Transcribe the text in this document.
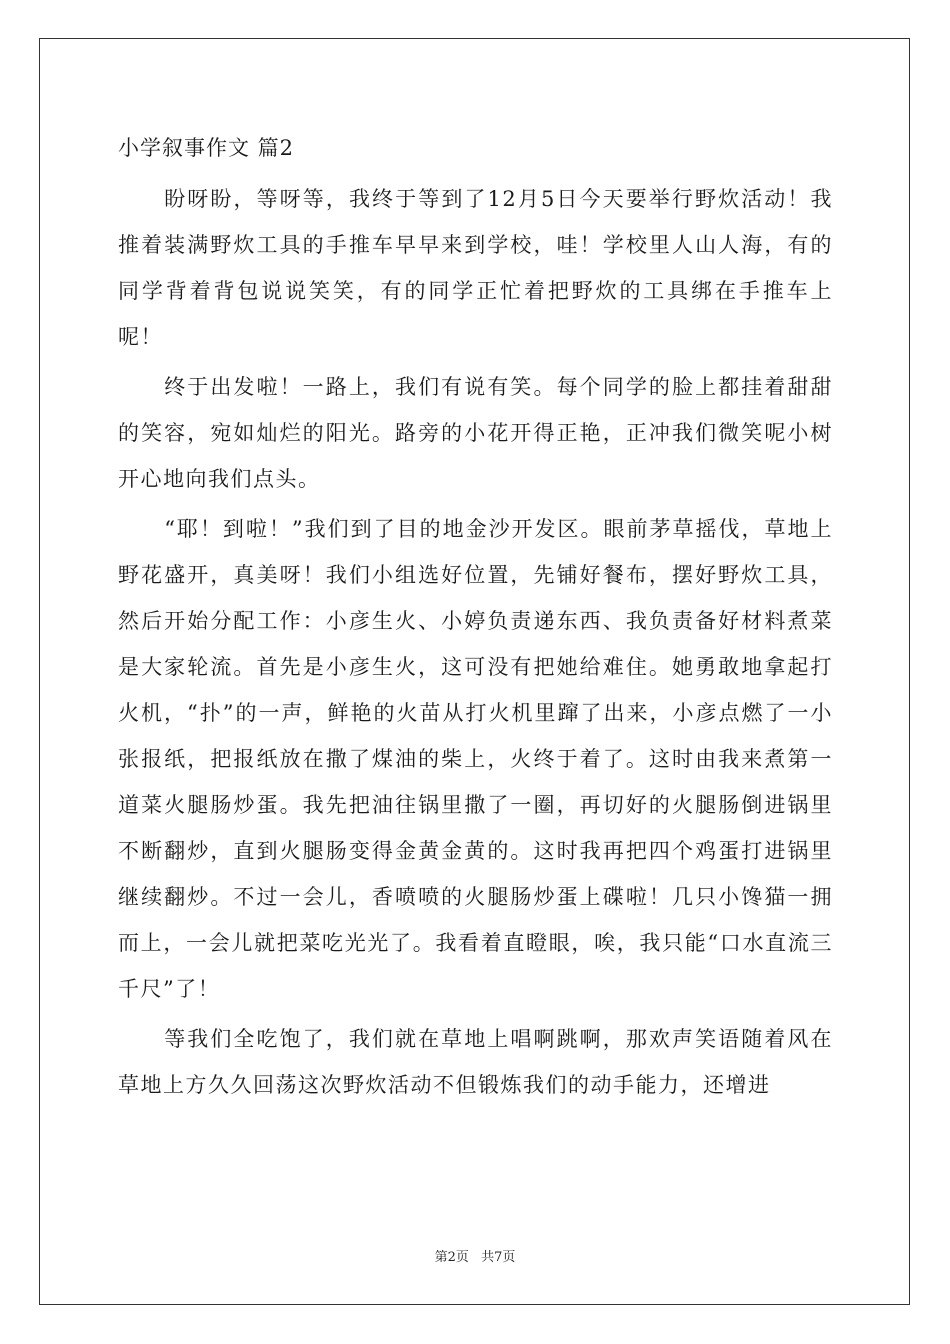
小学叙事作文 篇2

盼呀盼，等呀等，我终于等到了12月5日今天要举行野炊活动！我推着装满野炊工具的手推车早早来到学校，哇！学校里人山人海，有的同学背着背包说说笑笑，有的同学正忙着把野炊的工具绑在手推车上呢！

终于出发啦！一路上，我们有说有笑。每个同学的脸上都挂着甜甜的笑容，宛如灿烂的阳光。路旁的小花开得正艳，正冲我们微笑呢小树开心地向我们点头。

“耶！到啦！”我们到了目的地金沙开发区。眼前茅草摇伐，草地上野花盛开，真美呀！我们小组选好位置，先铺好餐布，摆好野炊工具，然后开始分配工作：小彦生火、小婷负责递东西、我负责备好材料煮菜是大家轮流。首先是小彦生火，这可没有把她给难住。她勇敢地拿起打火机，“扑”的一声，鲜艳的火苗从打火机里蹿了出来，小彦点燃了一小张报纸，把报纸放在撒了煤油的柴上，火终于着了。这时由我来煮第一道菜火腿肠炒蛋。我先把油往锅里撒了一圈，再切好的火腿肠倒进锅里不断翻炒，直到火腿肠变得金黄金黄的。这时我再把四个鸡蛋打进锅里继续翻炒。不过一会儿，香喷喷的火腿肠炒蛋上碟啦！几只小馋猫一拥而上，一会儿就把菜吃光光了。我看着直瞪眼，唉，我只能“口水直流三千尺”了！

等我们全吃饱了，我们就在草地上唱啊跳啊，那欢声笑语随着风在草地上方久久回荡这次野炊活动不但锻炼我们的动手能力，还增进

第2页 共7页
